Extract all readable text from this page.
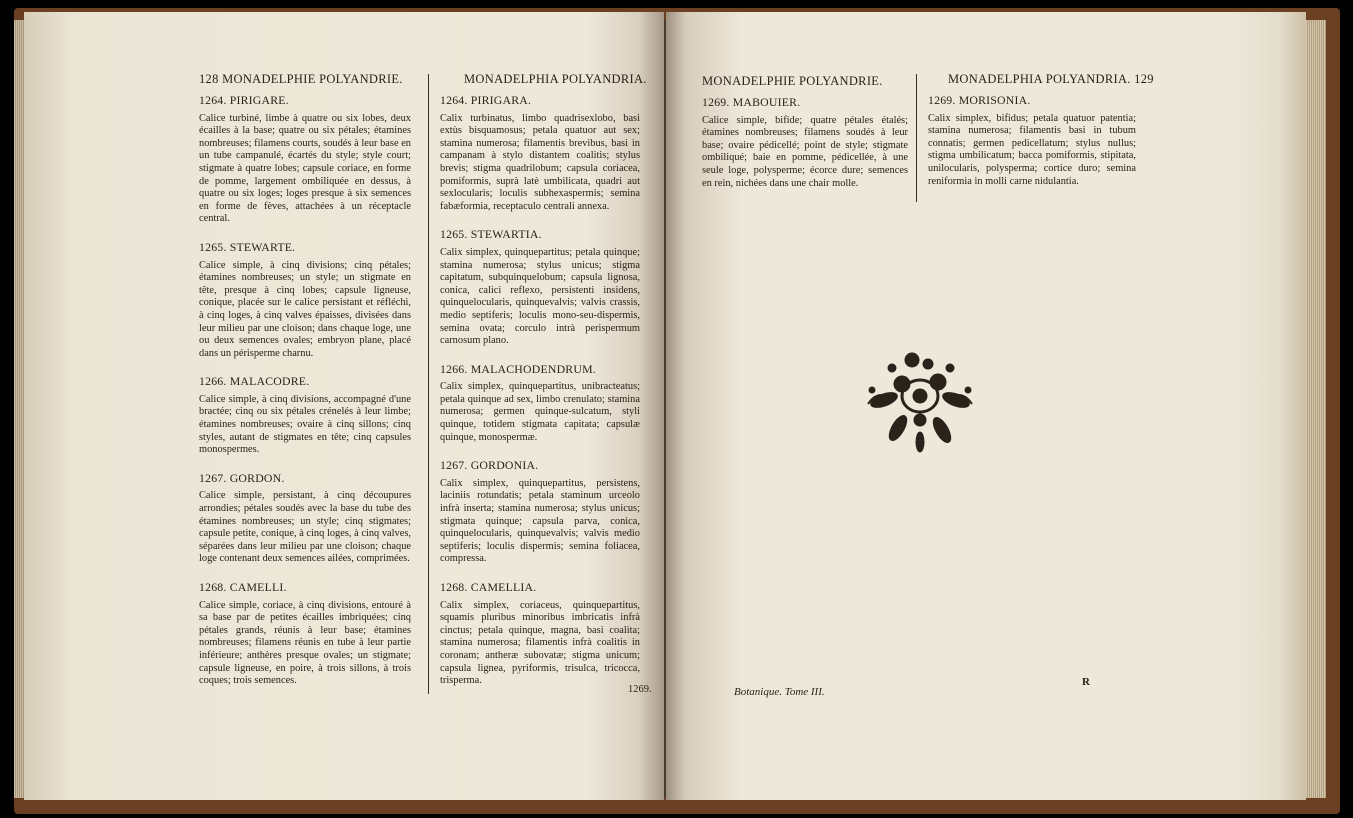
128 MONADELPHIE POLYANDRIE.	MONADELPHIA POLYANDRIA.
1264. PIRIGARE.
Calice turbiné, limbe à quatre ou six lobes, deux écailles à la base; quatre ou six pétales; étamines nombreuses; filamens courts, soudés à leur base en un tube campanulé, écartés du style; style court; stigmate à quatre lobes; capsule coriace, en forme de pomme, largement ombiliquée en dessus, à quatre ou six loges; loges presque à six semences en forme de fèves, attachées à un réceptacle central.
1265. STEWARTE.
Calice simple, à cinq divisions; cinq pétales; étamines nombreuses; un style; un stigmate en tête, presque à cinq lobes; capsule ligneuse, conique, placée sur le calice persistant et réfléchi, à cinq loges, à cinq valves épaisses, divisées dans leur milieu par une cloison; dans chaque loge, une ou deux semences ovales; embryon plane, placé dans un périsperme charnu.
1266. MALACODRE.
Calice simple, à cinq divisions, accompagné d'une bractée; cinq ou six pétales crénelés à leur limbe; étamines nombreuses; ovaire à cinq sillons; cinq styles, autant de stigmates en tête; cinq capsules monospermes.
1267. GORDON.
Calice simple, persistant, à cinq découpures arrondies; pétales soudés avec la base du tube des étamines nombreuses; un style; cinq stigmates; capsule petite, conique, à cinq loges, à cinq valves, séparées dans leur milieu par une cloison; chaque loge contenant deux semences ailées, comprimées.
1268. CAMELLI.
Calice simple, coriace, à cinq divisions, entouré à sa base par de petites écailles imbriquées; cinq pétales grands, réunis à leur base; étamines nombreuses; filamens réunis en tube à leur partie inférieure; anthères presque ovales; un stigmate; capsule ligneuse, en poire, à trois sillons, à trois coques; trois semences.
1264. PIRIGARA.
Calix turbinatus, limbo quadrisexlobo, basi extùs bisquamosus; petala quatuor aut sex; stamina numerosa; filamentis brevibus, basi in campanam à stylo distantem coalitis; stylus brevis; stigma quadrilobum; capsula coriacea, pomiformis, suprà latè umbilicata, quadri aut sexlocularis; loculis subhexaspermis; semina fabæformia, receptaculo centrali annexa.
1265. STEWARTIA.
Calix simplex, quinquepartitus; petala quinque; stamina numerosa; stylus unicus; stigma capitatum, subquinquelobum; capsula lignosa, conica, calici reflexo, persistenti insidens, quinquelocularis, quinquevalvis; valvis crassis, medio septiferis; loculis mono-seu-dispermis, semina ovata; corculo intrà perispermum carnosum plano.
1266. MALACHODENDRUM.
Calix simplex, quinquepartitus, unibracteatus; petala quinque ad sex, limbo crenulato; stamina numerosa; germen quinque-sulcatum, styli quinque, totidem stigmata capitata; capsulæ quinque, monospermæ.
1267. GORDONIA.
Calix simplex, quinquepartitus, persistens, laciniis rotundatis; petala staminum urceolo infrà inserta; stamina numerosa; stylus unicus; stigmata quinque; capsula parva, conica, quinquelocularis, quinquevalvis; valvis medio septiferis; loculis dispermis; semina foliacea, compressa.
1268. CAMELLIA.
Calix simplex, coriaceus, quinquepartitus, squamis pluribus minoribus imbricatis infrà cinctus; petala quinque, magna, basi coalita; stamina numerosa; filamentis infrà coalitis in coronam; antheræ subovatæ; stigma unicum; capsula lignea, pyriformis, trisulca, tricocca, trisperma.
1269.
MONADELPHIE POLYANDRIE.	MONADELPHIA POLYANDRIA. 129
1269. MABOUIER.
Calice simple, bifide; quatre pétales étalés; étamines nombreuses; filamens soudés à leur base; ovaire pédicellé; point de style; stigmate ombiliqué; baie en pomme, pédicellée, à une seule loge, polysperme; écorce dure; semences en rein, nichées dans une chair molle.
1269. MORISONIA.
Calix simplex, bifidus; petala quatuor patentia; stamina numerosa; filamentis basi in tubum connatis; germen pedicellatum; stylus nullus; stigma umbilicatum; bacca pomiformis, stipitata, unilocularis, polysperma; cortice duro; semina reniformia in molli carne nidulantia.
Botanique. Tome III.
R
